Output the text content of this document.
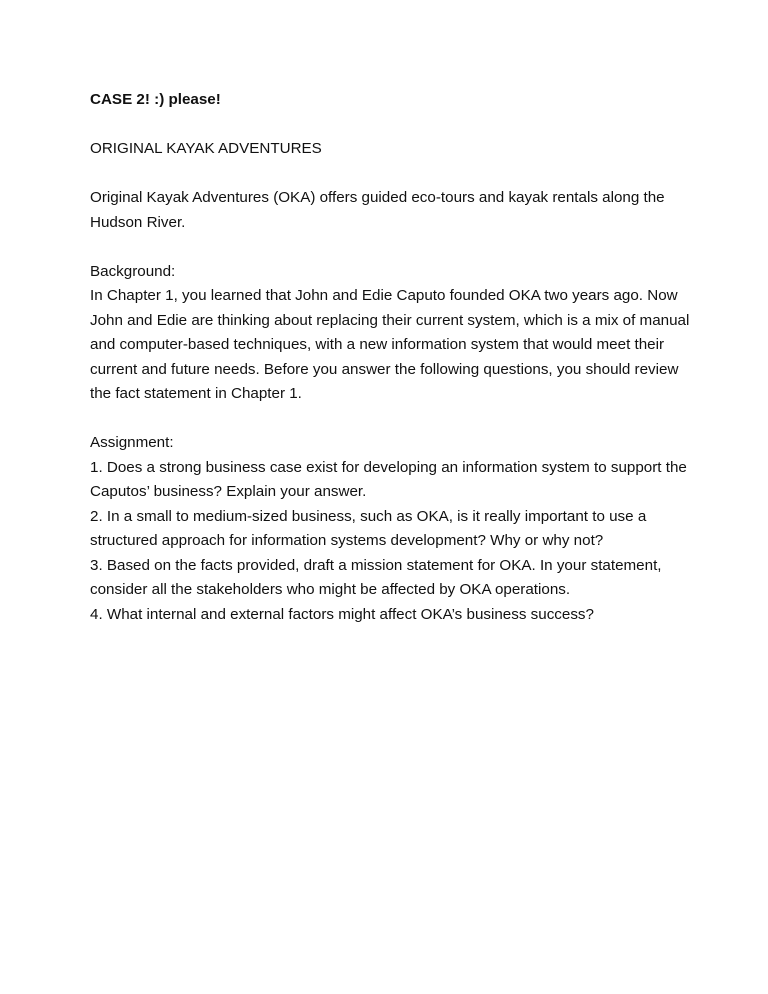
CASE 2! :) please!

ORIGINAL KAYAK ADVENTURES

Original Kayak Adventures (OKA) offers guided eco-tours and kayak rentals along the Hudson River.

Background:

In Chapter 1, you learned that John and Edie Caputo founded OKA two years ago. Now John and Edie are thinking about replacing their current system, which is a mix of manual and computer-based techniques, with a new information system that would meet their current and future needs. Before you answer the following questions, you should review the fact statement in Chapter 1.

Assignment:

1. Does a strong business case exist for developing an information system to support the Caputos’ business? Explain your answer.

2. In a small to medium-sized business, such as OKA, is it really important to use a structured approach for information systems development? Why or why not?

3. Based on the facts provided, draft a mission statement for OKA. In your statement, consider all the stakeholders who might be affected by OKA operations.

4. What internal and external factors might affect OKA’s business success?
